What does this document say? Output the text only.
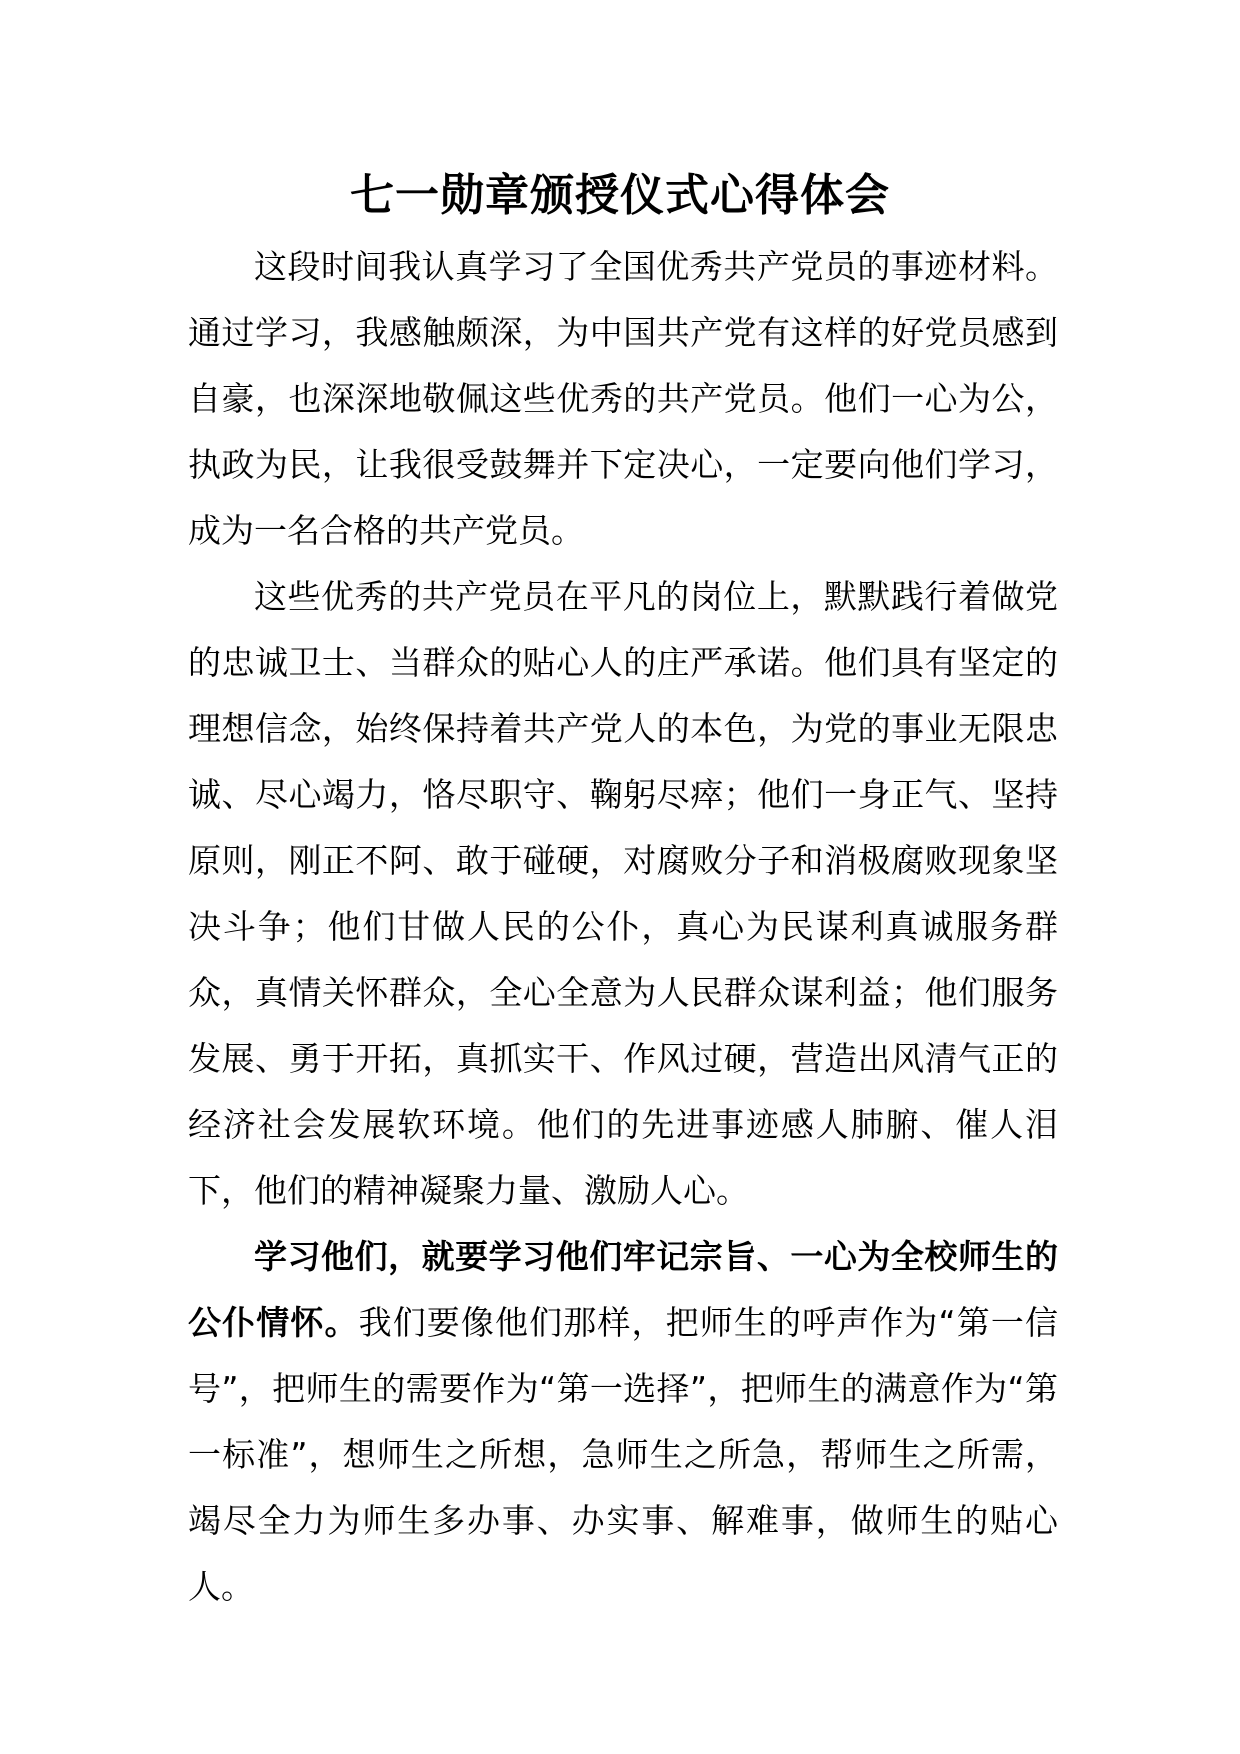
七一勋章颁授仪式心得体会

这段时间我认真学习了全国优秀共产党员的事迹材料。通过学习，我感触颇深，为中国共产党有这样的好党员感到自豪，也深深地敬佩这些优秀的共产党员。他们一心为公，执政为民，让我很受鼓舞并下定决心，一定要向他们学习，成为一名合格的共产党员。

这些优秀的共产党员在平凡的岗位上，默默践行着做党的忠诚卫士、当群众的贴心人的庄严承诺。他们具有坚定的理想信念，始终保持着共产党人的本色，为党的事业无限忠诚、尽心竭力，恪尽职守、鞠躬尽瘁；他们一身正气、坚持原则，刚正不阿、敢于碰硬，对腐败分子和消极腐败现象坚决斗争；他们甘做人民的公仆，真心为民谋利真诚服务群众，真情关怀群众，全心全意为人民群众谋利益；他们服务发展、勇于开拓，真抓实干、作风过硬，营造出风清气正的经济社会发展软环境。他们的先进事迹感人肺腑、催人泪下，他们的精神凝聚力量、激励人心。

学习他们，就要学习他们牢记宗旨、一心为全校师生的公仆情怀。我们要像他们那样，把师生的呼声作为“第一信号”，把师生的需要作为“第一选择”，把师生的满意作为“第一标准”，想师生之所想，急师生之所急，帮师生之所需，竭尽全力为师生多办事、办实事、解难事，做师生的贴心人。
